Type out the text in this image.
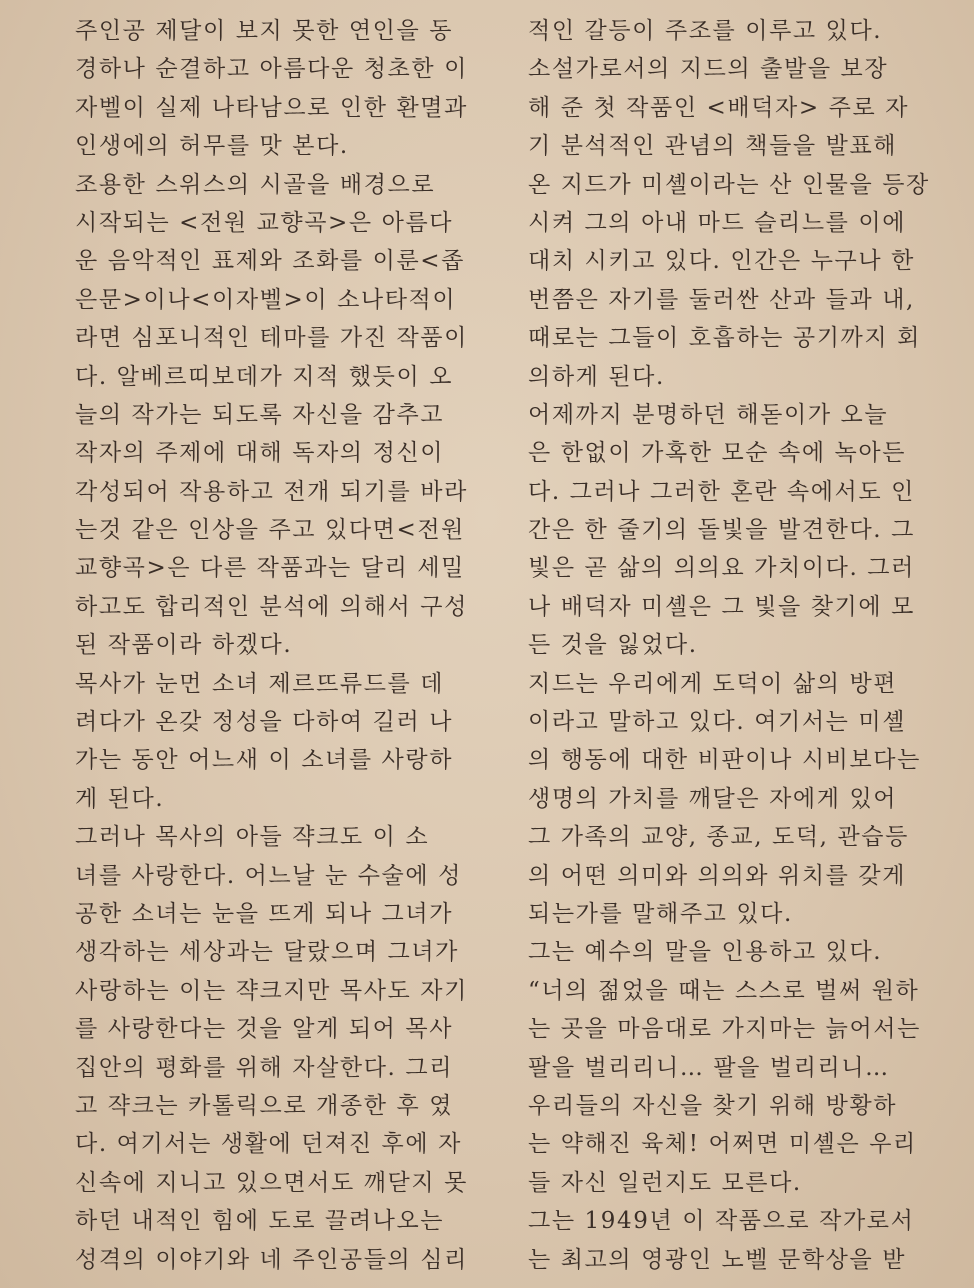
주인공 제달이 보지 못한 연인을 동
경하나 순결하고 아름다운 청초한 이
자벨이 실제 나타남으로 인한 환멸과
인생에의 허무를 맛 본다.
조용한 스위스의 시골을 배경으로
시작되는 <전원 교향곡>은 아름다
운 음악적인 표제와 조화를 이룬<좁
은문>이나<이자벨>이 소나타적이
라면 심포니적인 테마를 가진 작품이
다. 알베르띠보데가 지적 했듯이 오
늘의 작가는 되도록 자신을 감추고
작자의 주제에 대해 독자의 정신이
각성되어 작용하고 전개 되기를 바라
는것 같은 인상을 주고 있다면<전원
교향곡>은 다른 작품과는 달리 세밀
하고도 합리적인 분석에 의해서 구성
된 작품이라 하겠다.
목사가 눈먼 소녀 제르뜨류드를 데
려다가 온갖 정성을 다하여 길러 나
가는 동안 어느새 이 소녀를 사랑하
게 된다.
그러나 목사의 아들 쟉크도 이 소
녀를 사랑한다. 어느날 눈 수술에 성
공한 소녀는 눈을 뜨게 되나 그녀가
생각하는 세상과는 달랐으며 그녀가
사랑하는 이는 쟉크지만 목사도 자기
를 사랑한다는 것을 알게 되어 목사
집안의 평화를 위해 자살한다. 그리
고 쟉크는 카톨릭으로 개종한 후 였
다. 여기서는 생활에 던져진 후에 자
신속에 지니고 있으면서도 깨닫지 못
하던 내적인 힘에 도로 끌려나오는
성격의 이야기와 네 주인공들의 심리
적인 갈등이 주조를 이루고 있다.
소설가로서의 지드의 출발을 보장
해 준 첫 작품인 <배덕자> 주로 자
기 분석적인 관념의 책들을 발표해
온 지드가 미셸이라는 산 인물을 등장
시켜 그의 아내 마드 슬리느를 이에
대치 시키고 있다. 인간은 누구나 한
번쯤은 자기를 둘러싼 산과 들과 내,
때로는 그들이 호흡하는 공기까지 회
의하게 된다.
어제까지 분명하던 해돋이가 오늘
은 한없이 가혹한 모순 속에 녹아든
다. 그러나 그러한 혼란 속에서도 인
간은 한 줄기의 돌빛을 발견한다. 그
빛은 곧 삶의 의의요 가치이다. 그러
나 배덕자 미셸은 그 빛을 찾기에 모
든 것을 잃었다.
지드는 우리에게 도덕이 삶의 방편
이라고 말하고 있다. 여기서는 미셸
의 행동에 대한 비판이나 시비보다는
생명의 가치를 깨달은 자에게 있어
그 가족의 교양, 종교, 도덕, 관습등
의 어떤 의미와 의의와 위치를 갖게
되는가를 말해주고 있다.
그는 예수의 말을 인용하고 있다.
“너의 젊었을 때는 스스로 벌써 원하
는 곳을 마음대로 가지마는 늙어서는
팔을 벌리리니… 팔을 벌리리니…
우리들의 자신을 찾기 위해 방황하
는 약해진 육체! 어쩌면 미셸은 우리
들 자신 일런지도 모른다.
그는 1949년 이 작품으로 작가로서
는 최고의 영광인 노벨 문학상을 받
